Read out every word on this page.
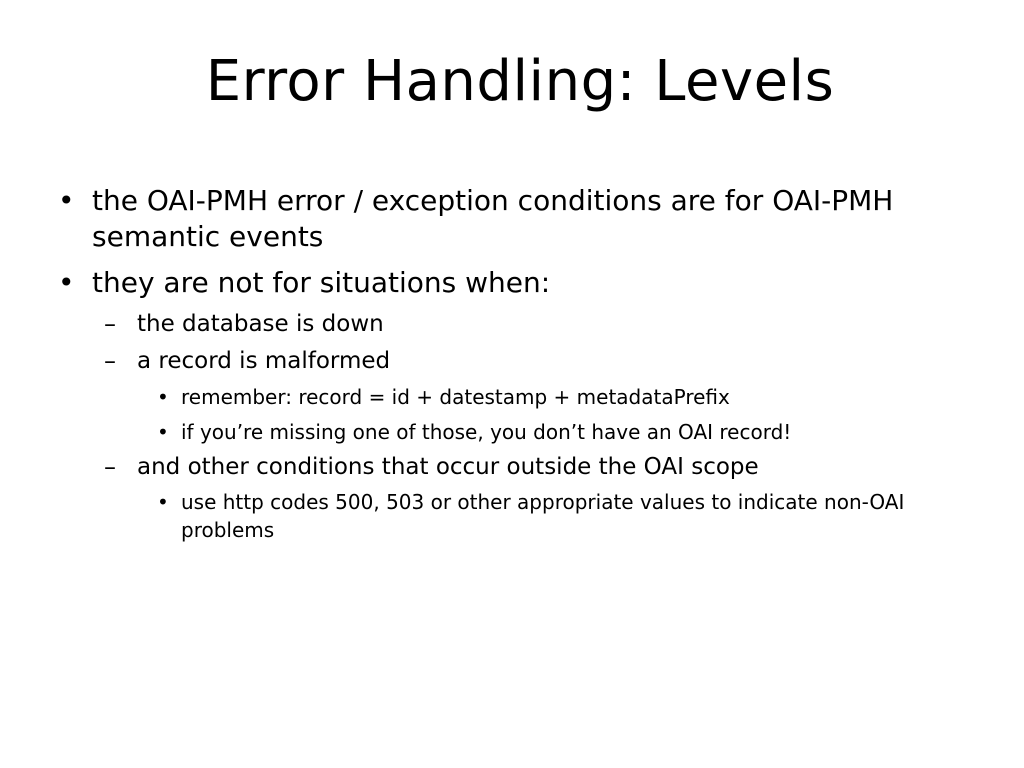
Error Handling: Levels
• the OAI-PMH error / exception conditions are for OAI-PMH semantic events
• they are not for situations when:
– the database is down
– a record is malformed
• remember: record = id + datestamp + metadataPrefix
• if you’re missing one of those, you don’t have an OAI record!
– and other conditions that occur outside the OAI scope
• use http codes 500, 503 or other appropriate values to indicate non-OAI problems
